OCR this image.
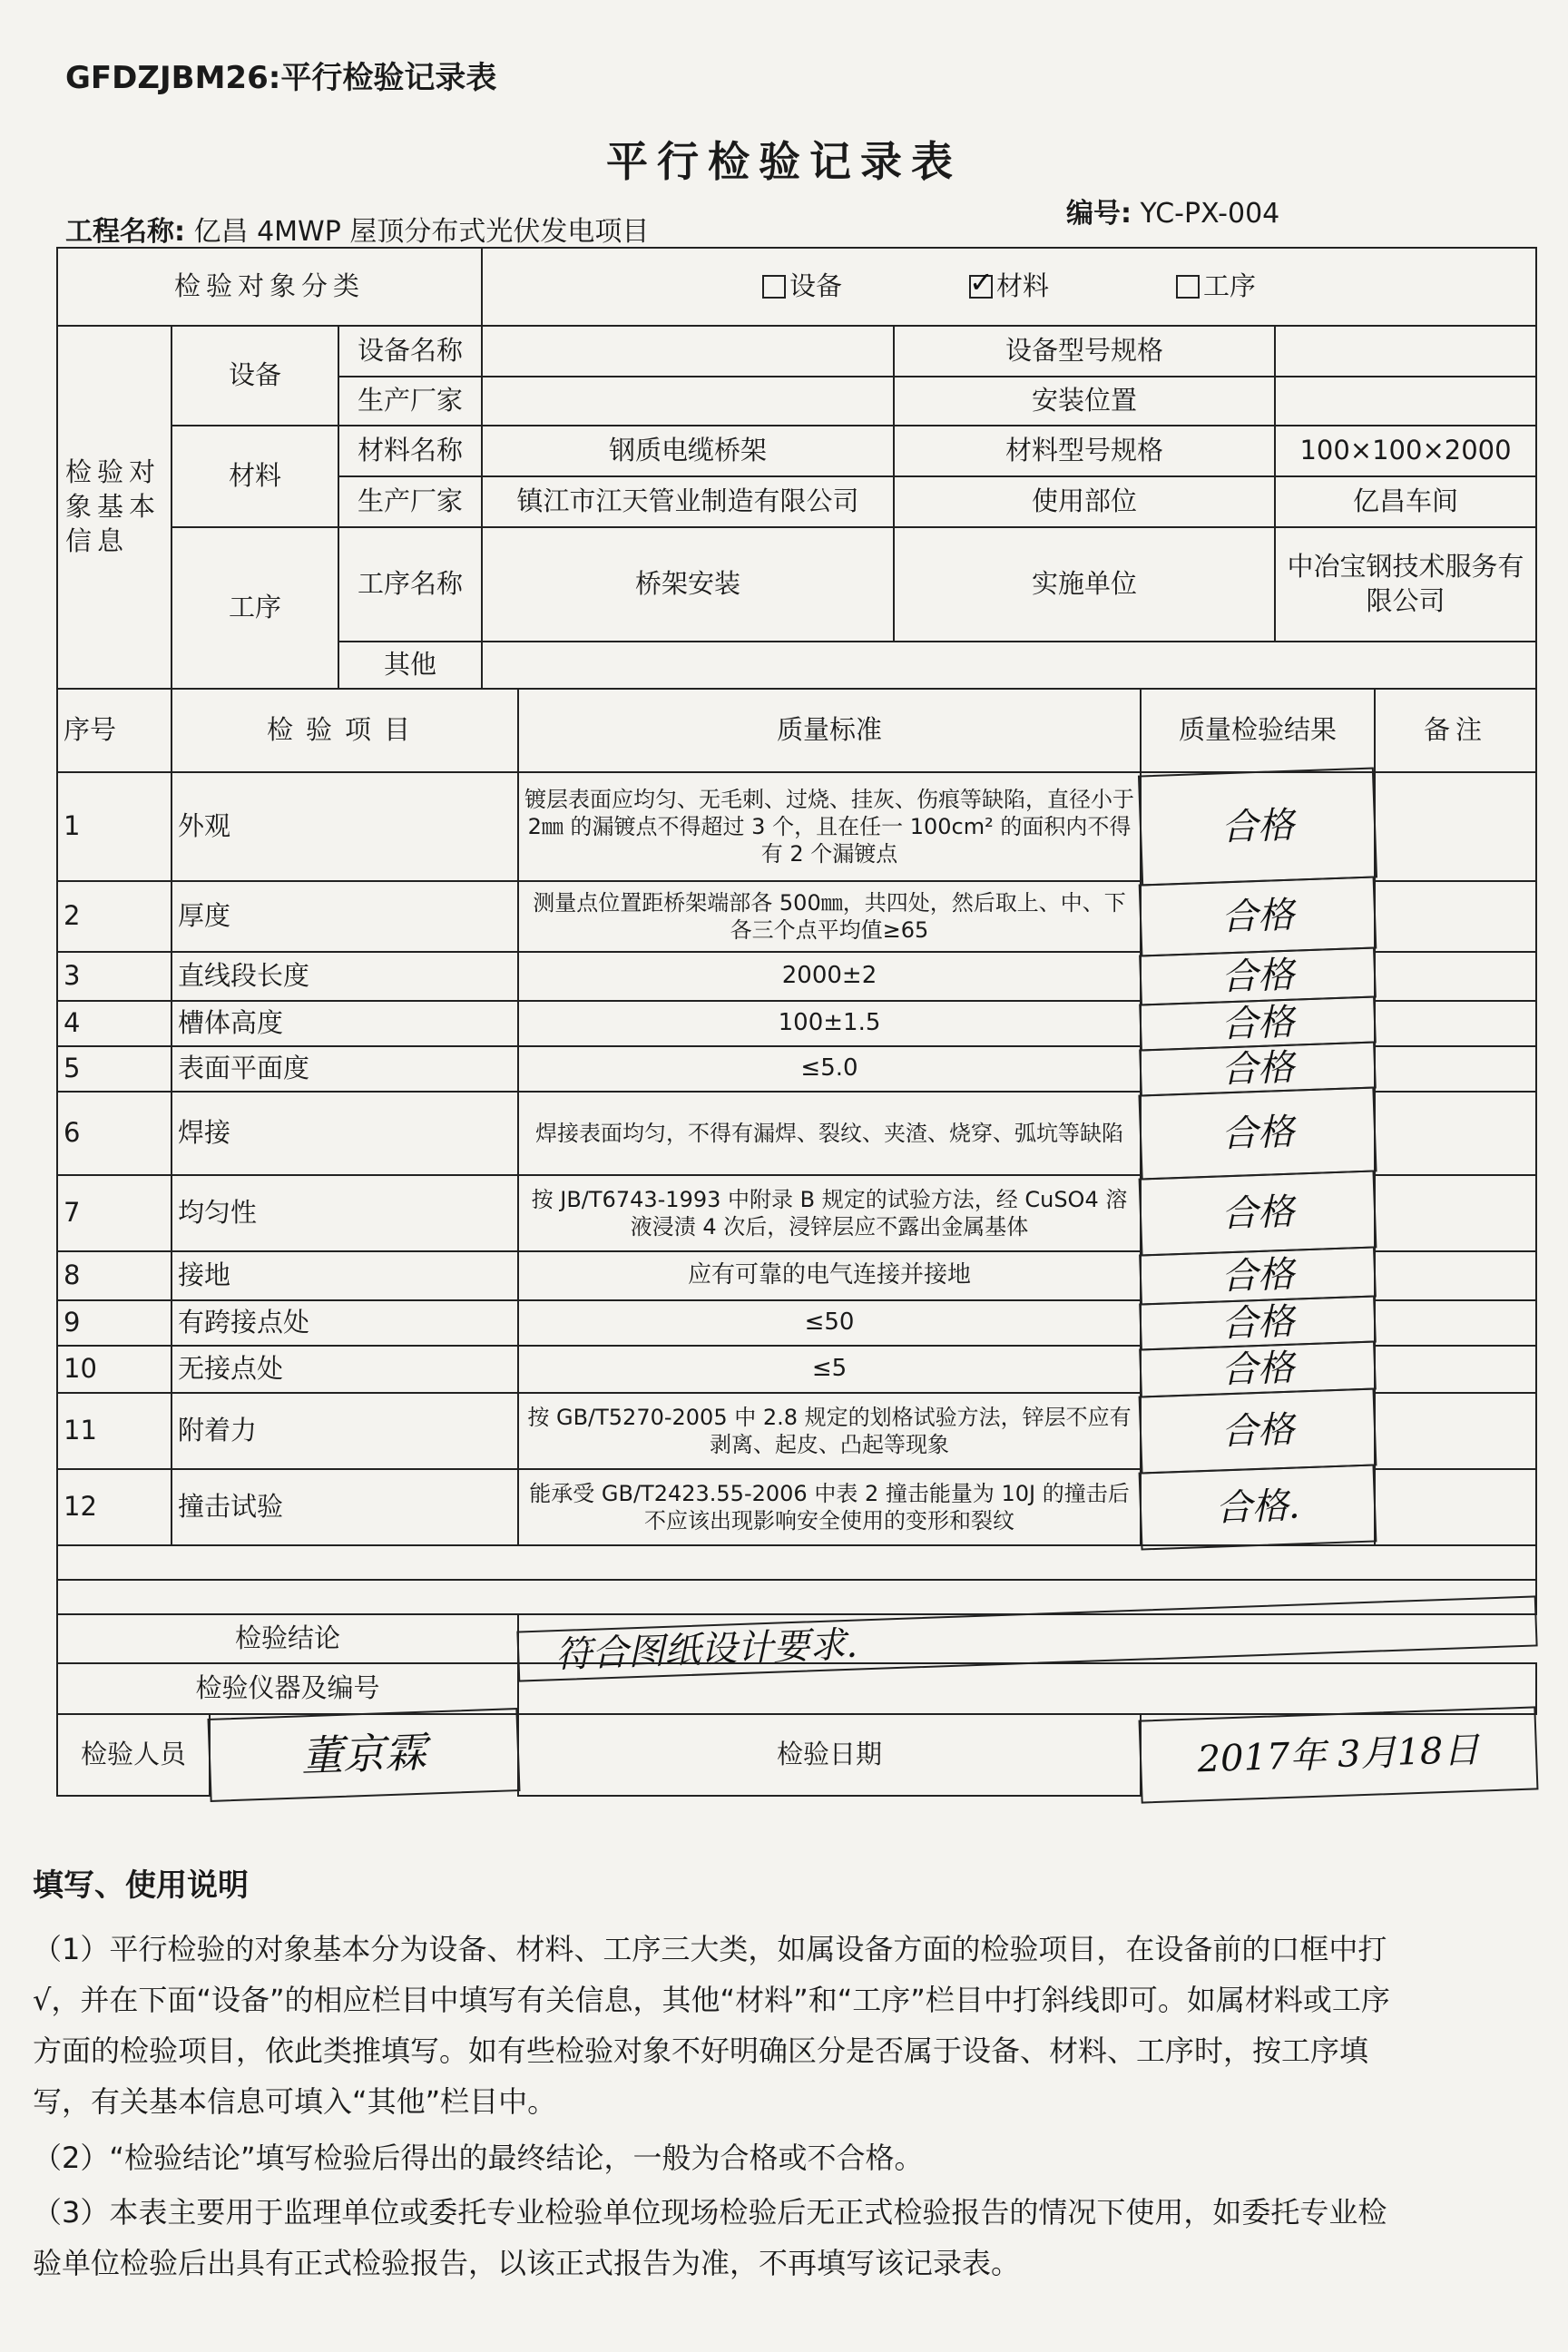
GFDZJBM26:平行检验记录表
平行检验记录表
工程名称: 亿昌 4MWP 屋顶分布式光伏发电项目
编号: YC-PX-004
检验对象分类	设备
✓	材料	工序
检验对象基本信息
设备
设备名称	设备型号规格
生产厂家	安装位置
材料
材料名称	钢质电缆桥架	材料型号规格	100×100×2000
生产厂家	镇江市江天管业制造有限公司	使用部位	亿昌车间
工序
工序名称	桥架安装	实施单位
中冶宝钢技术服务有限公司
其他
序号	检验项目	质量标准	质量检验结果	备注
1	外观
镀层表面应均匀、无毛刺、过烧、挂灰、伤痕等缺陷，直径小于 2㎜ 的漏镀点不得超过 3 个，且在任一 100cm² 的面积内不得有 2 个漏镀点
合格
2	厚度	测量点位置距桥架端部各 500㎜，共四处，然后取上、中、下各三个点平均值≥65	合格
3	直线段长度	2000±2	合格
4	槽体高度	100±1.5	合格
5	表面平面度	≤5.0	合格
6	焊接	焊接表面均匀，不得有漏焊、裂纹、夹渣、烧穿、弧坑等缺陷	合格
7	均匀性	按 JB/T6743-1993 中附录 B 规定的试验方法，经 CuSO4 溶液浸渍 4 次后，浸锌层应不露出金属基体	合格
8	接地	应有可靠的电气连接并接地	合格
9	有跨接点处	≤50	合格
10	无接点处	≤5	合格
11	附着力	按 GB/T5270-2005 中 2.8 规定的划格试验方法，锌层不应有剥离、起皮、凸起等现象	合格
12	撞击试验	能承受 GB/T2423.55-2006 中表 2 撞击能量为 10J 的撞击后不应该出现影响安全使用的变形和裂纹	合格.
检验结论	符合图纸设计要求.
检验仪器及编号
检验人员	董京霖	检验日期	2017年 3月18日
填写、使用说明
（1）平行检验的对象基本分为设备、材料、工序三大类，如属设备方面的检验项目，在设备前的口框中打√，并在下面“设备”的相应栏目中填写有关信息，其他“材料”和“工序”栏目中打斜线即可。如属材料或工序方面的检验项目，依此类推填写。如有些检验对象不好明确区分是否属于设备、材料、工序时，按工序填写，有关基本信息可填入“其他”栏目中。
（2）“检验结论”填写检验后得出的最终结论，一般为合格或不合格。
（3）本表主要用于监理单位或委托专业检验单位现场检验后无正式检验报告的情况下使用，如委托专业检验单位检验后出具有正式检验报告，以该正式报告为准，不再填写该记录表。
